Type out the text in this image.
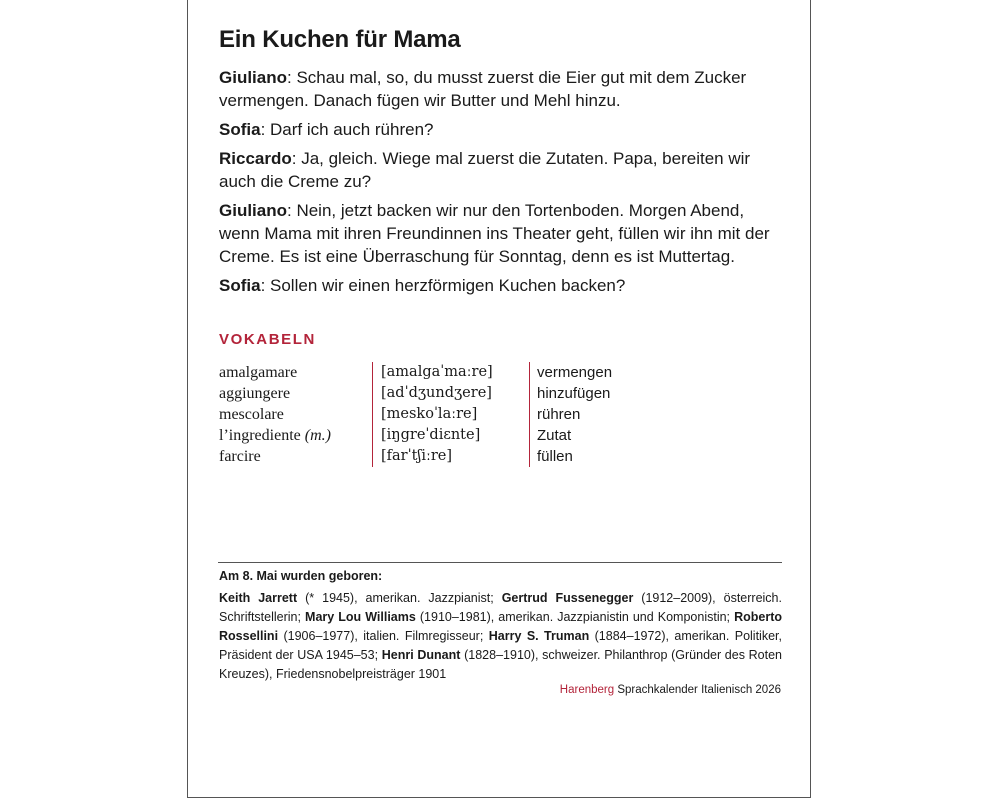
Ein Kuchen für Mama

Giuliano: Schau mal, so, du musst zuerst die Eier gut mit dem Zucker vermengen. Danach fügen wir Butter und Mehl hinzu.

Sofia: Darf ich auch rühren?

Riccardo: Ja, gleich. Wiege mal zuerst die Zutaten. Papa, bereiten wir auch die Creme zu?

Giuliano: Nein, jetzt backen wir nur den Tortenboden. Morgen Abend, wenn Mama mit ihren Freundinnen ins Theater geht, füllen wir ihn mit der Creme. Es ist eine Überraschung für Sonntag, denn es ist Muttertag.

Sofia: Sollen wir einen herzförmigen Kuchen backen?

VOKABELN
amalgamare	[amalgaˈmaːre]	vermengen
aggiungere	[adˈdʒundʒere]	hinzufügen
mescolare	[meskoˈlaːre]	rühren
l’ingrediente (m.)	[iŋgreˈdiɛnte]	Zutat
farcire	[farˈtʃiːre]	füllen
Am 8. Mai wurden geboren:
Keith Jarrett (* 1945), amerikan. Jazzpianist; Gertrud Fussenegger (1912–2009), österreich. Schriftstellerin; Mary Lou Williams (1910–1981), amerikan. Jazzpianistin und Komponistin; Roberto Rossellini (1906–1977), italien. Filmregisseur; Harry S. Truman (1884–1972), amerikan. Politiker, Präsident der USA 1945–53; Henri Dunant (1828–1910), schweizer. Philanthrop (Gründer des Roten Kreuzes), Friedensnobelpreisträger 1901
Harenberg Sprachkalender Italienisch 2026
